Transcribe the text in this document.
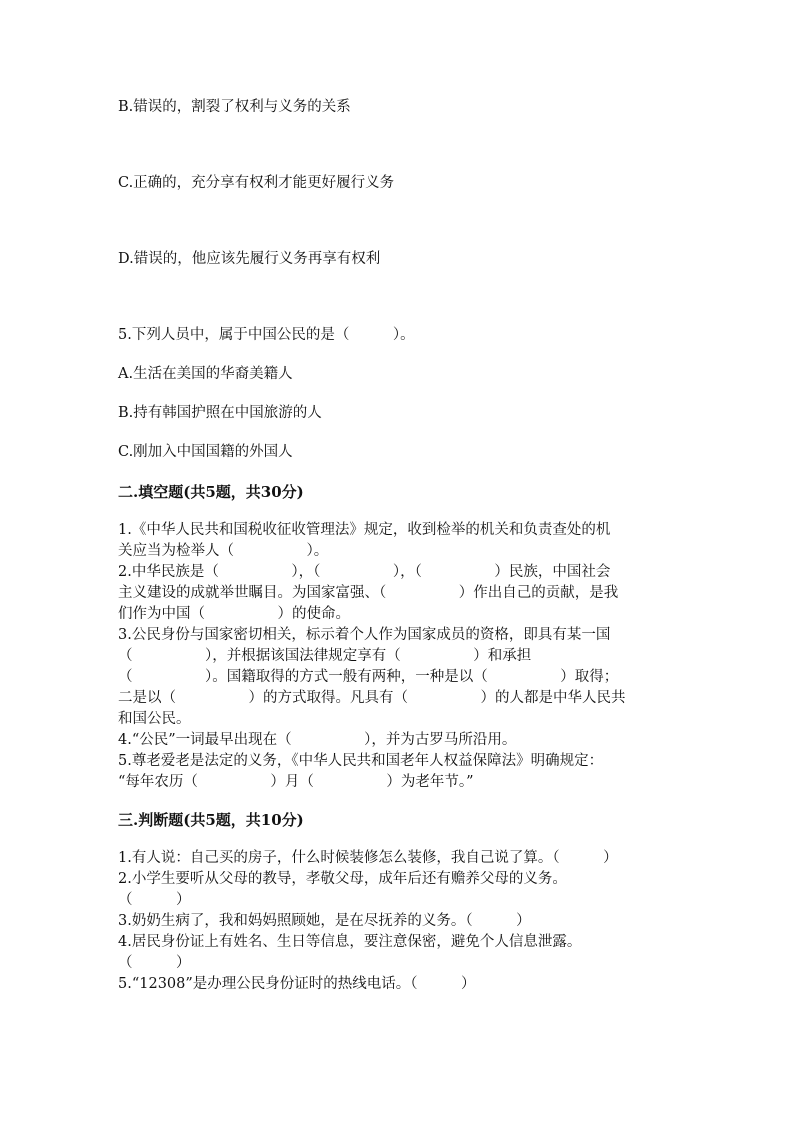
B.错误的，割裂了权利与义务的关系
C.正确的，充分享有权利才能更好履行义务
D.错误的，他应该先履行义务再享有权利
5.下列人员中，属于中国公民的是（　　　）。
A.生活在美国的华裔美籍人
B.持有韩国护照在中国旅游的人
C.刚加入中国国籍的外国人
二.填空题(共5题，共30分)
1.《中华人民共和国税收征收管理法》规定，收到检举的机关和负责查处的机
关应当为检举人（　　　　　）。
2.中华民族是（　　　　　），（　　　　　），（　　　　　）民族，中国社会
主义建设的成就举世瞩目。为国家富强、（　　　　　）作出自己的贡献，是我
们作为中国（　　　　　）的使命。
3.公民身份与国家密切相关，标示着个人作为国家成员的资格，即具有某一国
（　　　　　），并根据该国法律规定享有（　　　　　）和承担
（　　　　　）。国籍取得的方式一般有两种，一种是以（　　　　　）取得；
二是以（　　　　　）的方式取得。凡具有（　　　　　）的人都是中华人民共
和国公民。
4.“公民”一词最早出现在（　　　　　），并为古罗马所沿用。
5.尊老爱老是法定的义务，《中华人民共和国老年人权益保障法》明确规定：
“每年农历（　　　　　）月（　　　　　）为老年节。”
三.判断题(共5题，共10分)
1.有人说：自己买的房子，什么时候装修怎么装修，我自己说了算。（　　　）
2.小学生要听从父母的教导，孝敬父母，成年后还有赡养父母的义务。
（　　　）
3.奶奶生病了，我和妈妈照顾她，是在尽抚养的义务。（　　　）
4.居民身份证上有姓名、生日等信息，要注意保密，避免个人信息泄露。
（　　　）
5.“12308”是办理公民身份证时的热线电话。（　　　）
